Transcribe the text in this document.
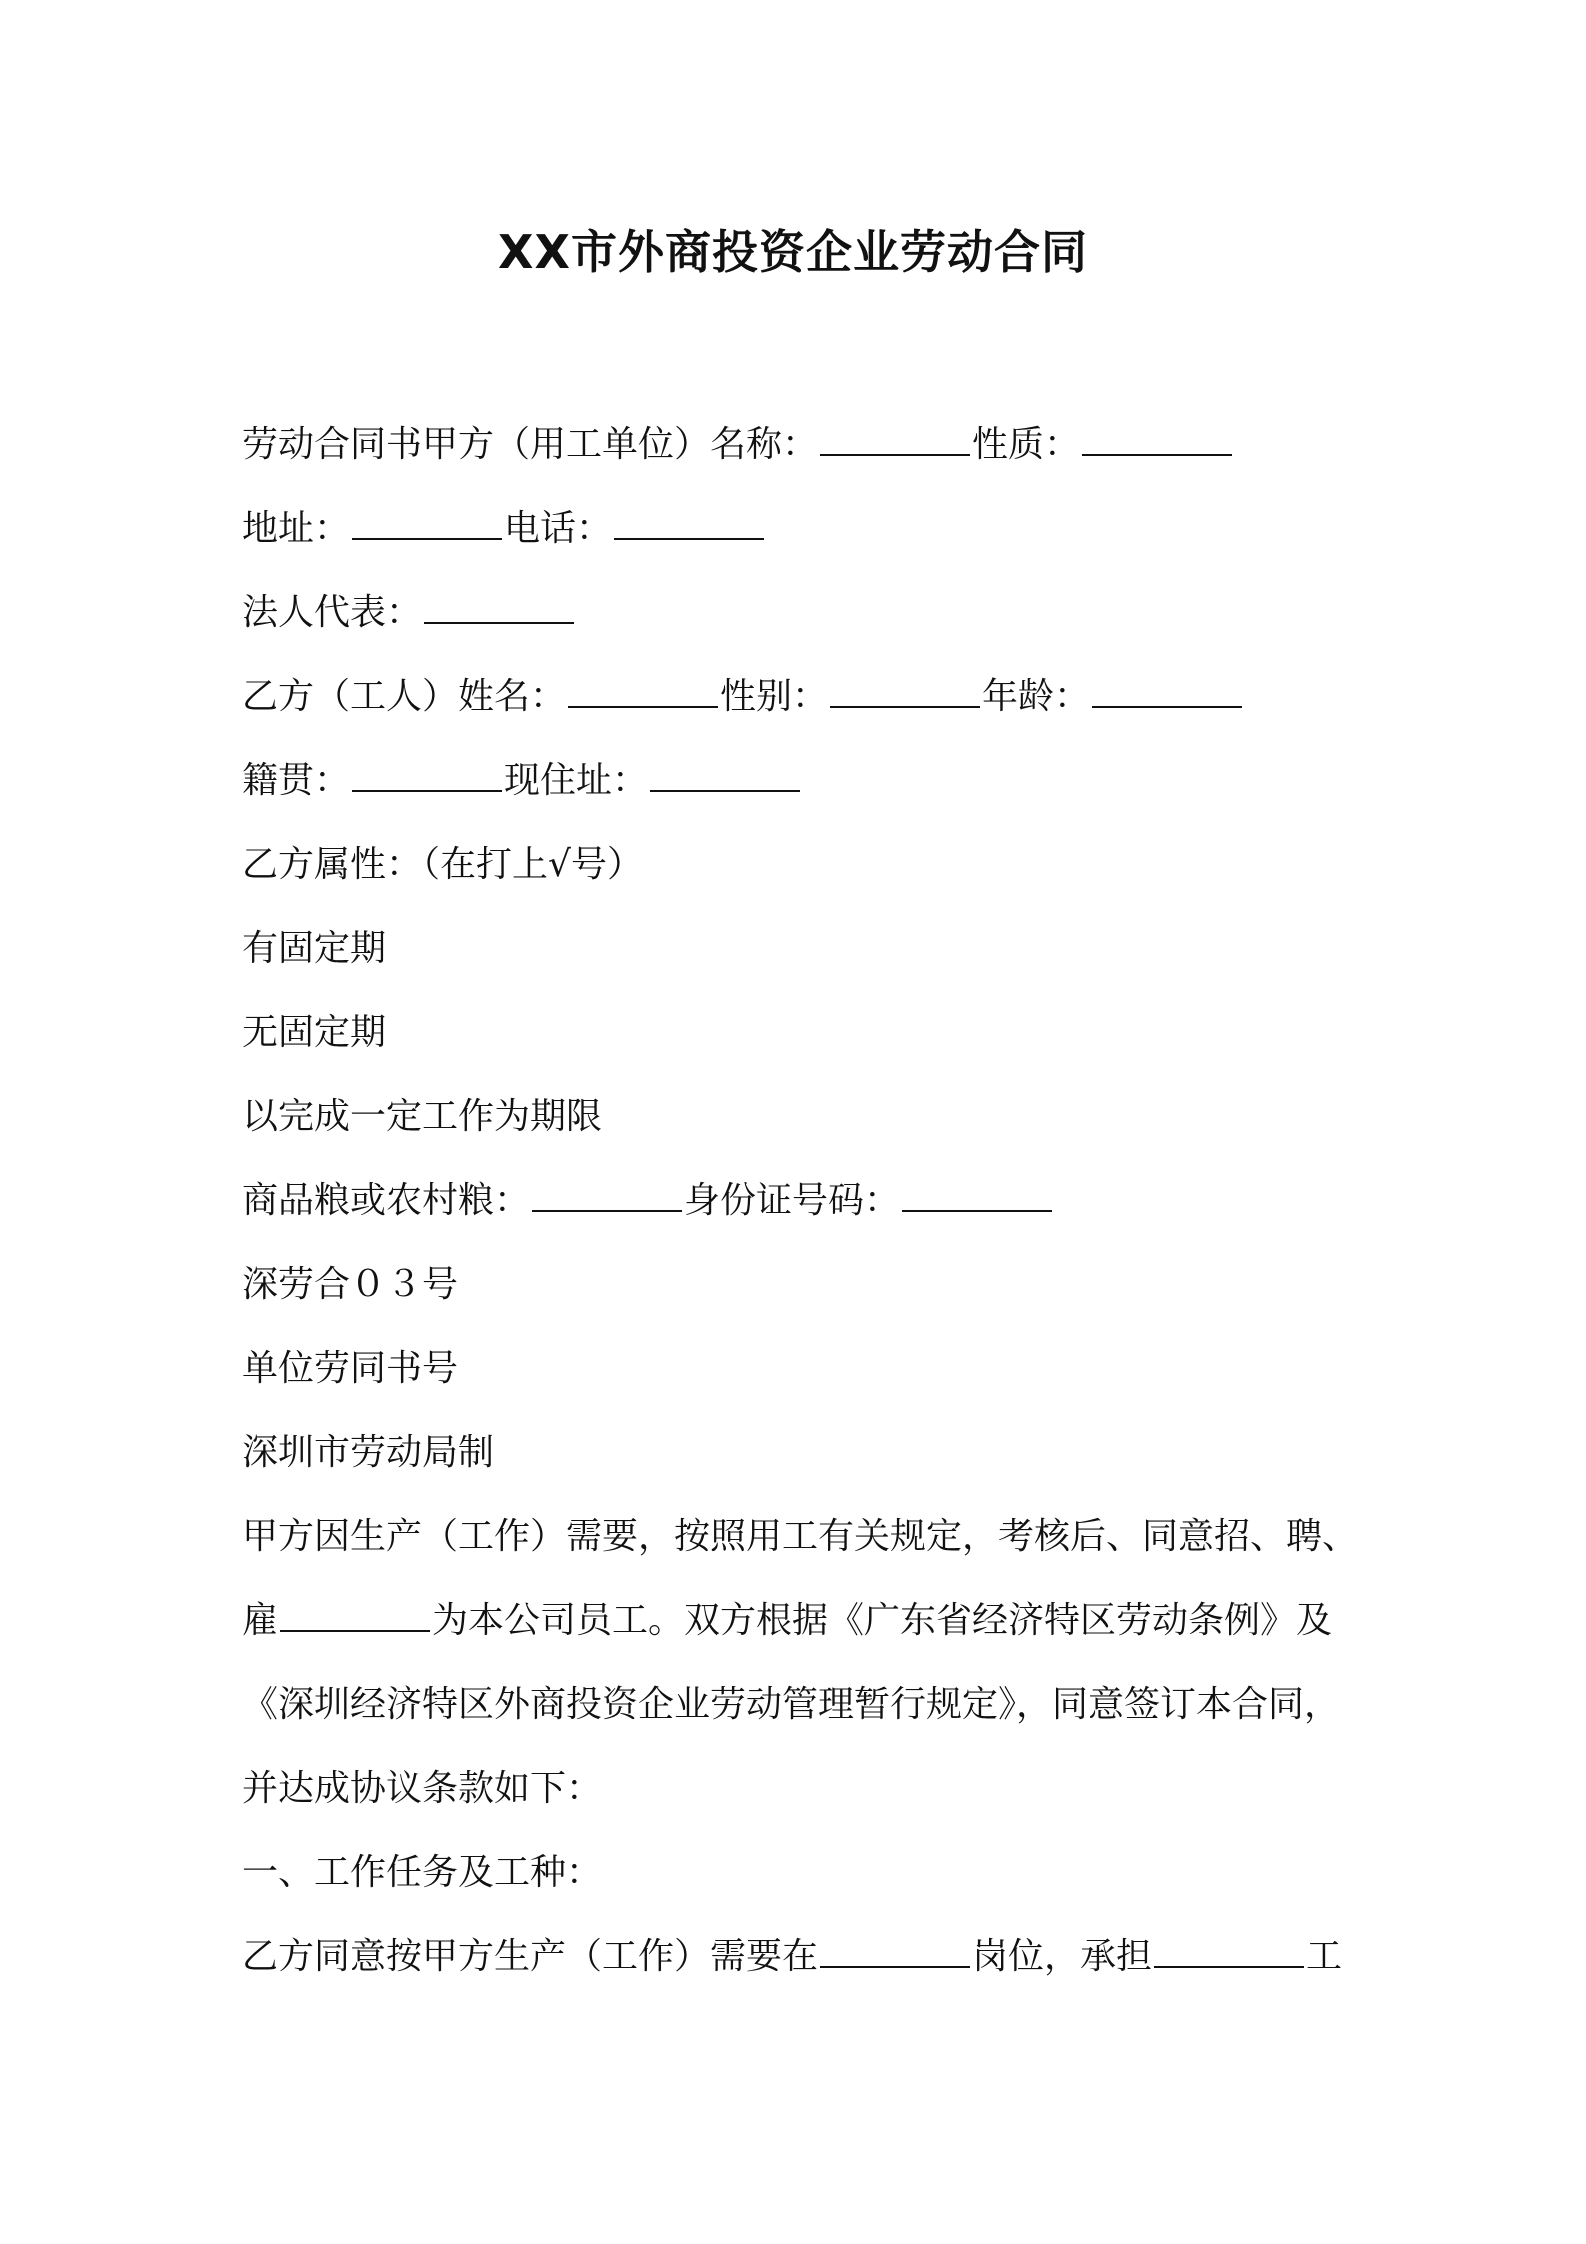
XX市外商投资企业劳动合同
劳动合同书甲方（用工单位）名称：	性质：
地址：	电话：
法人代表：
乙方（工人）姓名：	性别：	年龄：
籍贯：	现住址：
乙方属性：（在打上√号）
有固定期
无固定期
以完成一定工作为期限
商品粮或农村粮：	身份证号码：
深劳合０３号
单位劳同书号
深圳市劳动局制
甲方因生产（工作）需要，按照用工有关规定，考核后、同意招、聘、
雇	为本公司员工。双方根据《广东省经济特区劳动条例》及
《深圳经济特区外商投资企业劳动管理暂行规定》，同意签订本合同，
并达成协议条款如下：
一、工作任务及工种：
乙方同意按甲方生产（工作）需要在	岗位，承担	工
